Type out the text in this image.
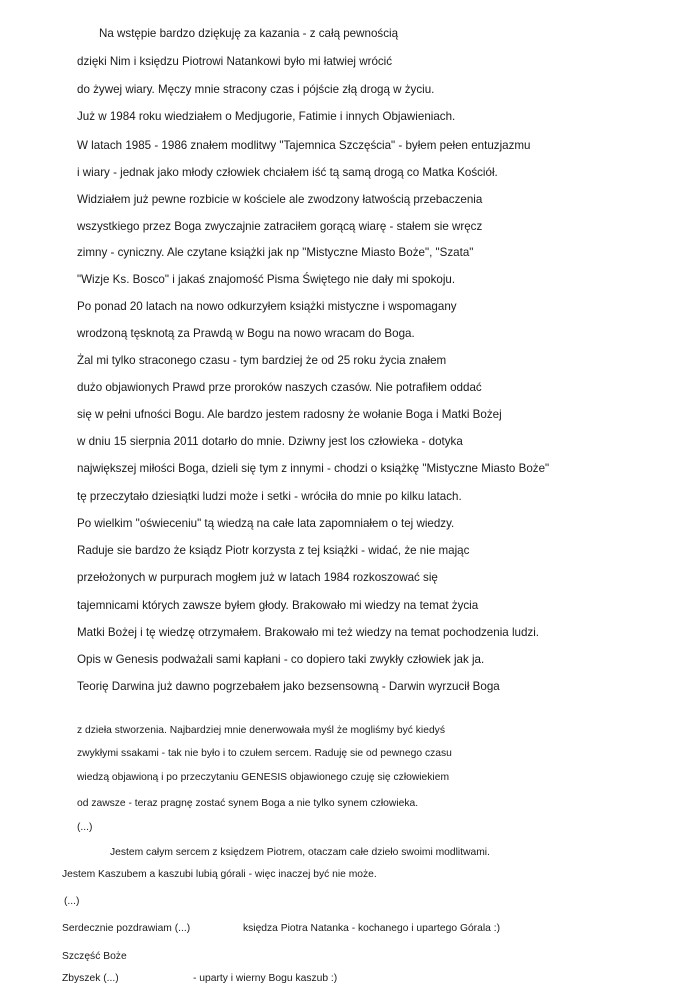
Na wstępie bardzo dziękuję za kazania - z całą pewnością
dzięki Nim i księdzu Piotrowi Natankowi było mi łatwiej wrócić
do żywej wiary. Męczy mnie stracony czas i pójście złą drogą w życiu.
Już w 1984 roku wiedziałem o Medjugorie, Fatimie i innych Objawieniach.
W latach 1985 - 1986 znałem modlitwy "Tajemnica Szczęścia" - byłem pełen entuzjazmu
i wiary - jednak jako młody człowiek chciałem iść tą samą drogą co Matka Kościół.
Widziałem już pewne rozbicie w kościele ale zwodzony łatwością przebaczenia
wszystkiego przez Boga zwyczajnie zatraciłem gorącą wiarę - stałem sie wręcz
zimny - cyniczny. Ale czytane książki jak np "Mistyczne Miasto Boże", "Szata"
"Wizje Ks. Bosco" i jakaś znajomość Pisma Świętego nie dały mi spokoju.
Po ponad 20 latach na nowo odkurzyłem książki mistyczne i wspomagany
wrodzoną tęsknotą za Prawdą w Bogu na nowo wracam do Boga.
Żal mi tylko straconego czasu - tym bardziej że od 25 roku życia znałem
dużo objawionych Prawd prze proroków naszych czasów. Nie potrafiłem oddać
się w pełni ufności Bogu. Ale bardzo jestem radosny że wołanie Boga i Matki Bożej
w dniu 15 sierpnia 2011 dotarło do mnie. Dziwny jest los człowieka - dotyka
największej miłości Boga, dzieli się tym z innymi - chodzi o książkę "Mistyczne Miasto Boże"
tę przeczytało dziesiątki ludzi może i setki - wróciła do mnie po kilku latach.
Po wielkim "oświeceniu" tą wiedzą na całe lata zapomniałem o tej wiedzy.
Raduje sie bardzo że ksiądz Piotr korzysta z tej książki - widać, że nie mając
przełożonych w purpurach mogłem już w latach 1984 rozkoszować się
tajemnicami których zawsze byłem głody. Brakowało mi wiedzy na temat życia
Matki Bożej i tę wiedzę otrzymałem. Brakowało mi też wiedzy na temat pochodzenia ludzi.
Opis w Genesis podważali sami kapłani - co dopiero taki zwykły człowiek jak ja.
Teorię Darwina już dawno pogrzebałem jako bezsensowną - Darwin wyrzucił Boga
z dzieła stworzenia. Najbardziej mnie denerwowała myśl że mogliśmy być kiedyś
zwykłymi ssakami - tak nie było i to czułem sercem. Raduję sie od pewnego czasu
wiedzą objawioną i po przeczytaniu GENESIS objawionego czuję się człowiekiem
od zawsze - teraz pragnę zostać synem Boga a nie tylko synem człowieka.
(...)
Jestem całym sercem z księdzem Piotrem, otaczam całe dzieło swoimi modlitwami.
Jestem Kaszubem a kaszubi lubią górali - więc inaczej być nie może.
(...)
Serdecznie pozdrawiam (...)	księdza Piotra Natanka - kochanego i upartego Górala :)
Szczęść Boże
Zbyszek (...)	- uparty i wierny Bogu kaszub :)
